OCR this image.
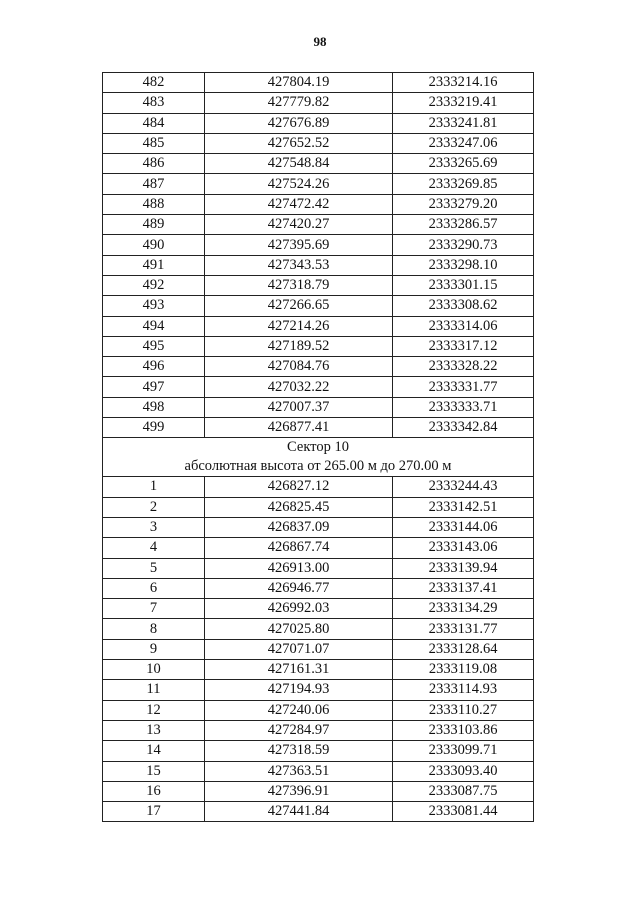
98
482	427804.19	2333214.16
483	427779.82	2333219.41
484	427676.89	2333241.81
485	427652.52	2333247.06
486	427548.84	2333265.69
487	427524.26	2333269.85
488	427472.42	2333279.20
489	427420.27	2333286.57
490	427395.69	2333290.73
491	427343.53	2333298.10
492	427318.79	2333301.15
493	427266.65	2333308.62
494	427214.26	2333314.06
495	427189.52	2333317.12
496	427084.76	2333328.22
497	427032.22	2333331.77
498	427007.37	2333333.71
499	426877.41	2333342.84

Сектор 10
абсолютная высота от 265.00 м до 270.00 м		

1	426827.12	2333244.43
2	426825.45	2333142.51
3	426837.09	2333144.06
4	426867.74	2333143.06
5	426913.00	2333139.94
6	426946.77	2333137.41
7	426992.03	2333134.29
8	427025.80	2333131.77
9	427071.07	2333128.64
10	427161.31	2333119.08
11	427194.93	2333114.93
12	427240.06	2333110.27
13	427284.97	2333103.86
14	427318.59	2333099.71
15	427363.51	2333093.40
16	427396.91	2333087.75
17	427441.84	2333081.44
